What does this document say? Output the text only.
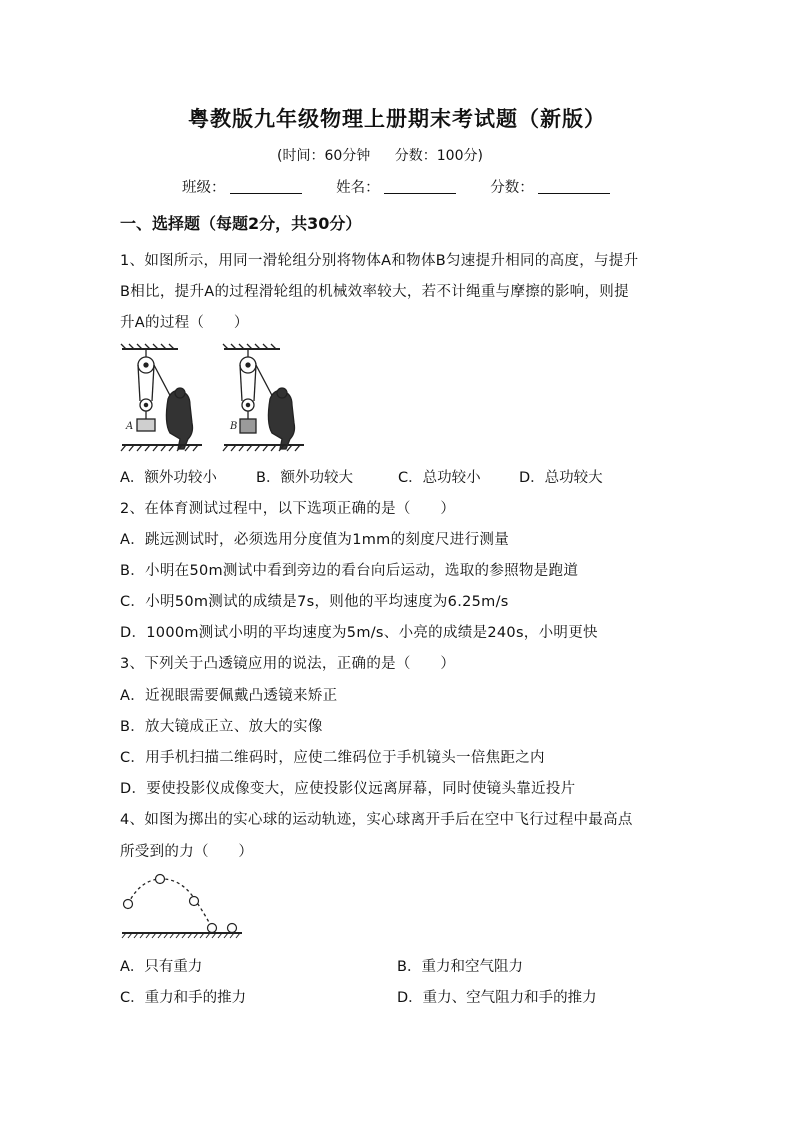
粤教版九年级物理上册期末考试题（新版）
(时间：60分钟 分数：100分)
班级：	姓名：	分数：
一、选择题（每题2分，共30分）
1、如图所示，用同一滑轮组分别将物体A和物体B匀速提升相同的高度，与提升
B相比，提升A的过程滑轮组的机械效率较大，若不计绳重与摩擦的影响，则提
升A的过程（　　）
A	B
A．额外功较小	B．额外功较大	C．总功较小	D．总功较大
2、在体育测试过程中，以下选项正确的是（　　）
A．跳远测试时，必须选用分度值为1mm的刻度尺进行测量
B．小明在50m测试中看到旁边的看台向后运动，选取的参照物是跑道
C．小明50m测试的成绩是7s，则他的平均速度为6.25m/s
D．1000m测试小明的平均速度为5m/s、小亮的成绩是240s，小明更快
3、下列关于凸透镜应用的说法，正确的是（　　）
A．近视眼需要佩戴凸透镜来矫正
B．放大镜成正立、放大的实像
C．用手机扫描二维码时，应使二维码位于手机镜头一倍焦距之内
D．要使投影仪成像变大，应使投影仪远离屏幕，同时使镜头靠近投片
4、如图为掷出的实心球的运动轨迹，实心球离开手后在空中飞行过程中最高点
所受到的力（　　）
A．只有重力	B．重力和空气阻力
C．重力和手的推力	D．重力、空气阻力和手的推力
